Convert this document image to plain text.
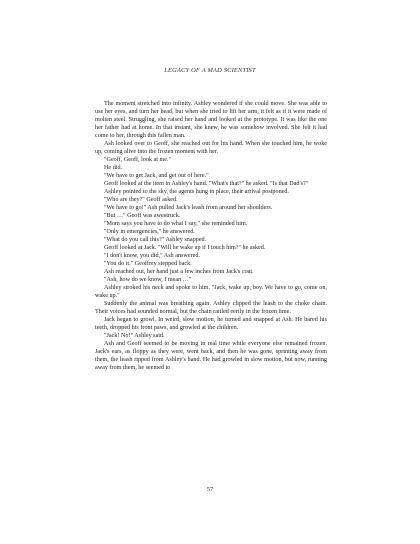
LEGACY OF A MAD SCIENTIST

The moment stretched into infinity. Ashley wondered if she could move. She was able to use her eyes, and turn her head, but when she tried to lift her arm, it felt as if it were made of molten steel. Struggling, she raised her hand and looked at the prototype. It was like the one her father had at home. In that instant, she knew, he was somehow involved. She felt it had come to her, through this fallen man.

Ash looked over to Geoff, she reached out for his hand. When she touched him, he woke up, coming alive into the frozen moment with her.

"Geoff, Geoff, look at me."

He did.

"We have to get Jack, and get out of here."

Geoff looked at the item in Ashley's hand. "What's that?" he asked. "Is that Dad's?"

Ashley pointed to the sky, the agents hung in place, their arrival postponed.

"Who are they?" Geoff asked.

"We have to go!" Ash pulled Jack's leash from around her shoulders.

"But …" Geoff was awestruck.

"Mom says you have to do what I say," she reminded him.

"Only in emergencies," he answered.

"What do you call this?" Ashley snapped.

Geoff looked at Jack. "Will he wake up if I touch him?" he asked.

"I don't know, you did," Ash answered.

"You do it." Geoffrey stepped back.

Ash reached out, her hand just a few inches from Jack's coat.

"Ash, how do we know, I mean …"

Ashley stroked his neck and spoke to him. "Jack, wake up, boy. We have to go, come on, wake up."

Suddenly the animal was breathing again. Ashley clipped the leash to the choke chain. Their voices had sounded normal, but the chain rattled eerily in the frozen time.

Jack began to growl. In weird, slow motion, he turned and snapped at Ash. He bared his teeth, dropped his front paws, and growled at the children.

"Jack! No!" Ashley said.

Ash and Geoff seemed to be moving in real time while everyone else remained frozen. Jack's ears, as floppy as they were, went back, and then he was gone, sprinting away from them, the leash ripped from Ashley's hand. He had growled in slow motion, but now, running away from them, he seemed to

57
